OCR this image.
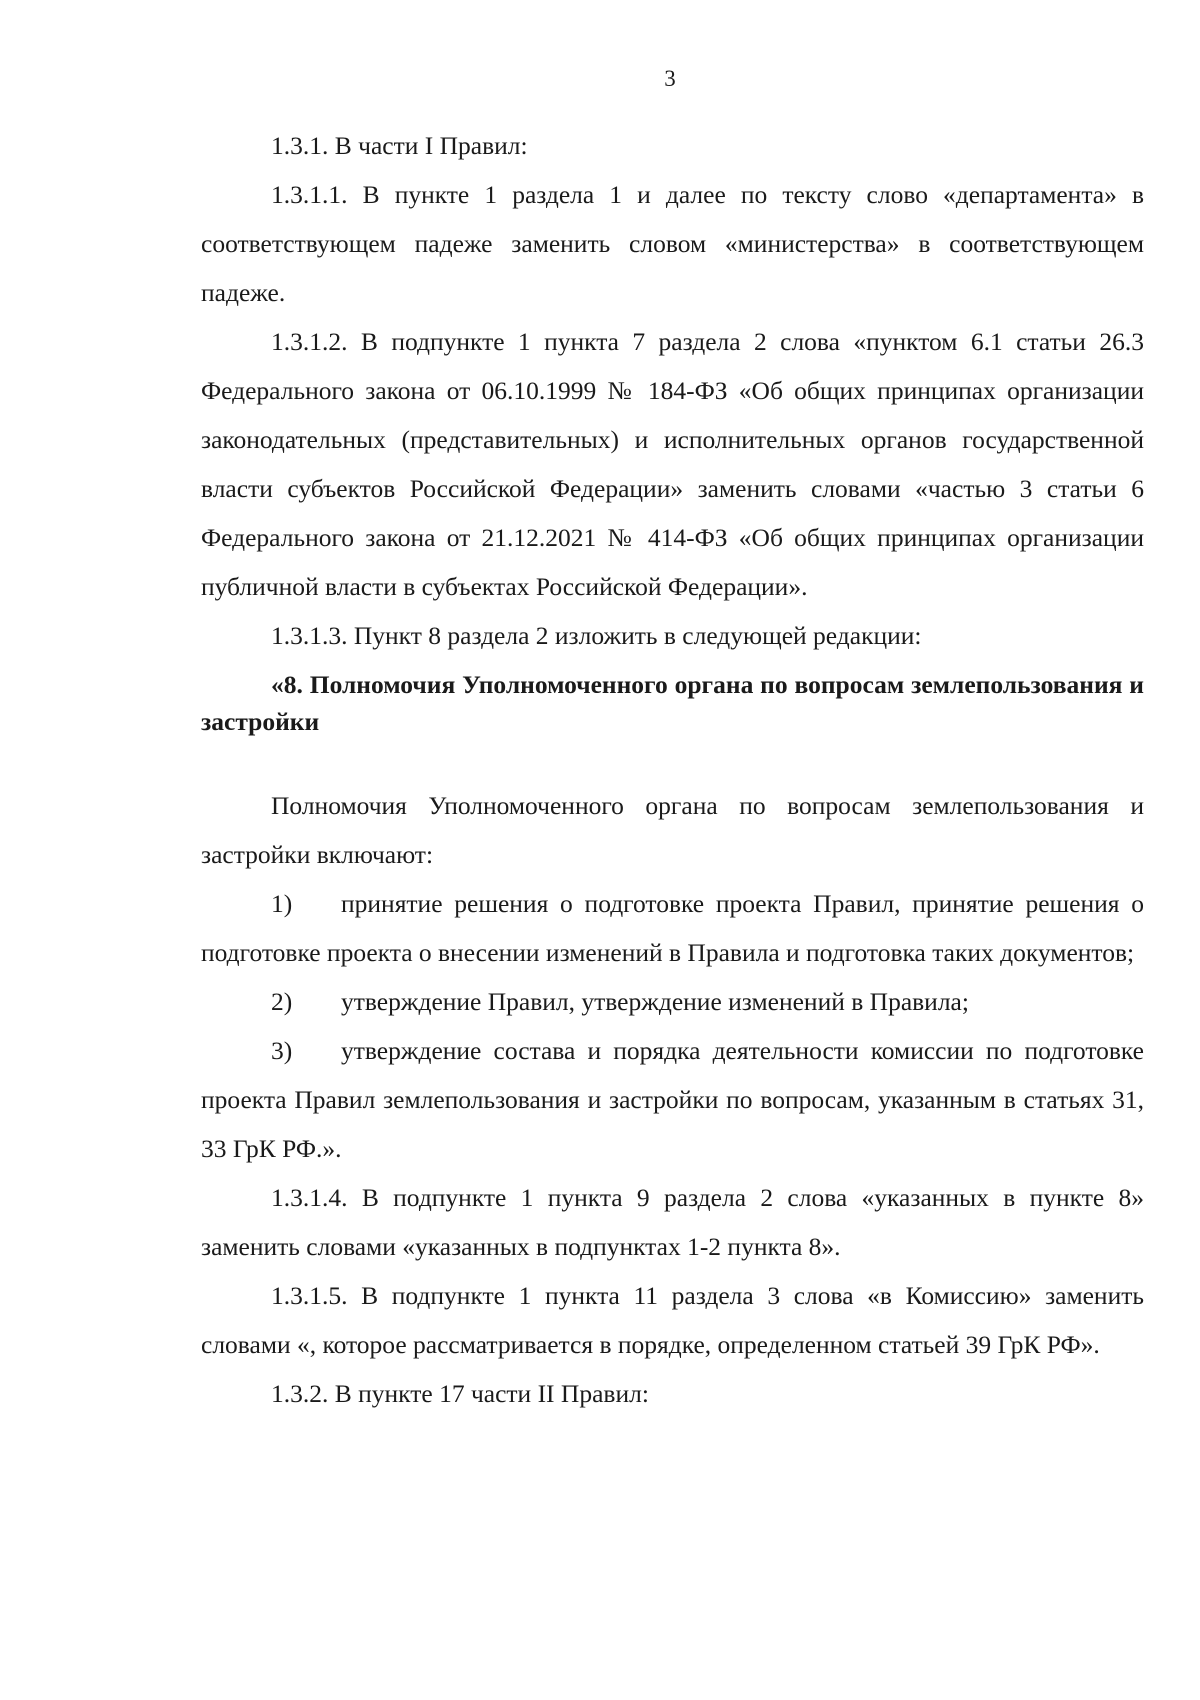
3

1.3.1. В части I Правил:

1.3.1.1. В пункте 1 раздела 1 и далее по тексту слово «департамента» в соответствующем падеже заменить словом «министерства» в соответствующем падеже.

1.3.1.2. В подпункте 1 пункта 7 раздела 2 слова «пунктом 6.1 статьи 26.3 Федерального закона от 06.10.1999 № 184-ФЗ «Об общих принципах организации законодательных (представительных) и исполнительных органов государственной власти субъектов Российской Федерации» заменить словами «частью 3 статьи 6 Федерального закона от 21.12.2021 № 414-ФЗ «Об общих принципах организации публичной власти в субъектах Российской Федерации».

1.3.1.3. Пункт 8 раздела 2 изложить в следующей редакции:

«8. Полномочия Уполномоченного органа по вопросам землепользования и застройки

Полномочия Уполномоченного органа по вопросам землепользования и застройки включают:

1) принятие решения о подготовке проекта Правил, принятие решения о подготовке проекта о внесении изменений в Правила и подготовка таких документов;

2) утверждение Правил, утверждение изменений в Правила;

3) утверждение состава и порядка деятельности комиссии по подготовке проекта Правил землепользования и застройки по вопросам, указанным в статьях 31, 33 ГрК РФ.».

1.3.1.4. В подпункте 1 пункта 9 раздела 2 слова «указанных в пункте 8» заменить словами «указанных в подпунктах 1-2 пункта 8».

1.3.1.5. В подпункте 1 пункта 11 раздела 3 слова «в Комиссию» заменить словами «, которое рассматривается в порядке, определенном статьей 39 ГрК РФ».

1.3.2. В пункте 17 части II Правил:
